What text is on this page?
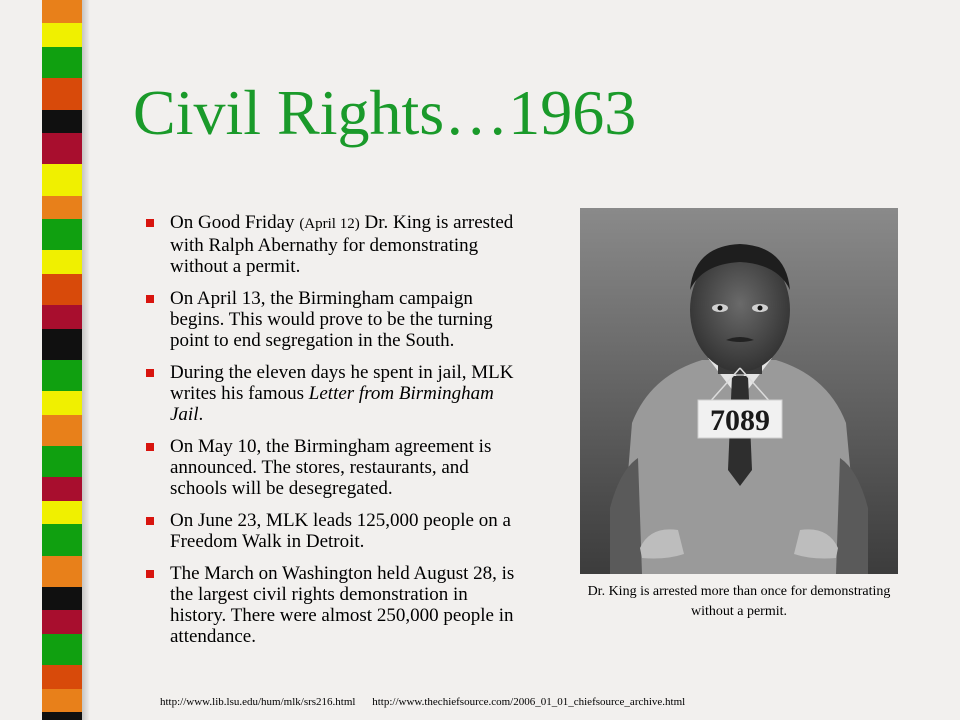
Civil Rights…1963
On Good Friday (April 12) Dr. King is arrested with Ralph Abernathy for demonstrating without a permit.
On April 13, the Birmingham campaign begins. This would prove to be the turning point to end segregation in the South.
During the eleven days he spent in jail, MLK writes his famous Letter from Birmingham Jail.
On May 10, the Birmingham agreement is announced. The stores, restaurants, and schools will be desegregated.
On June 23, MLK leads 125,000 people on a Freedom Walk in Detroit.
The March on Washington held August 28, is the largest civil rights demonstration in history. There were almost 250,000 people in attendance.
7089
Dr. King is arrested more than once for demonstrating without a permit.
http://www.lib.lsu.edu/hum/mlk/srs216.html http://www.thechiefsource.com/2006_01_01_chiefsource_archive.html
